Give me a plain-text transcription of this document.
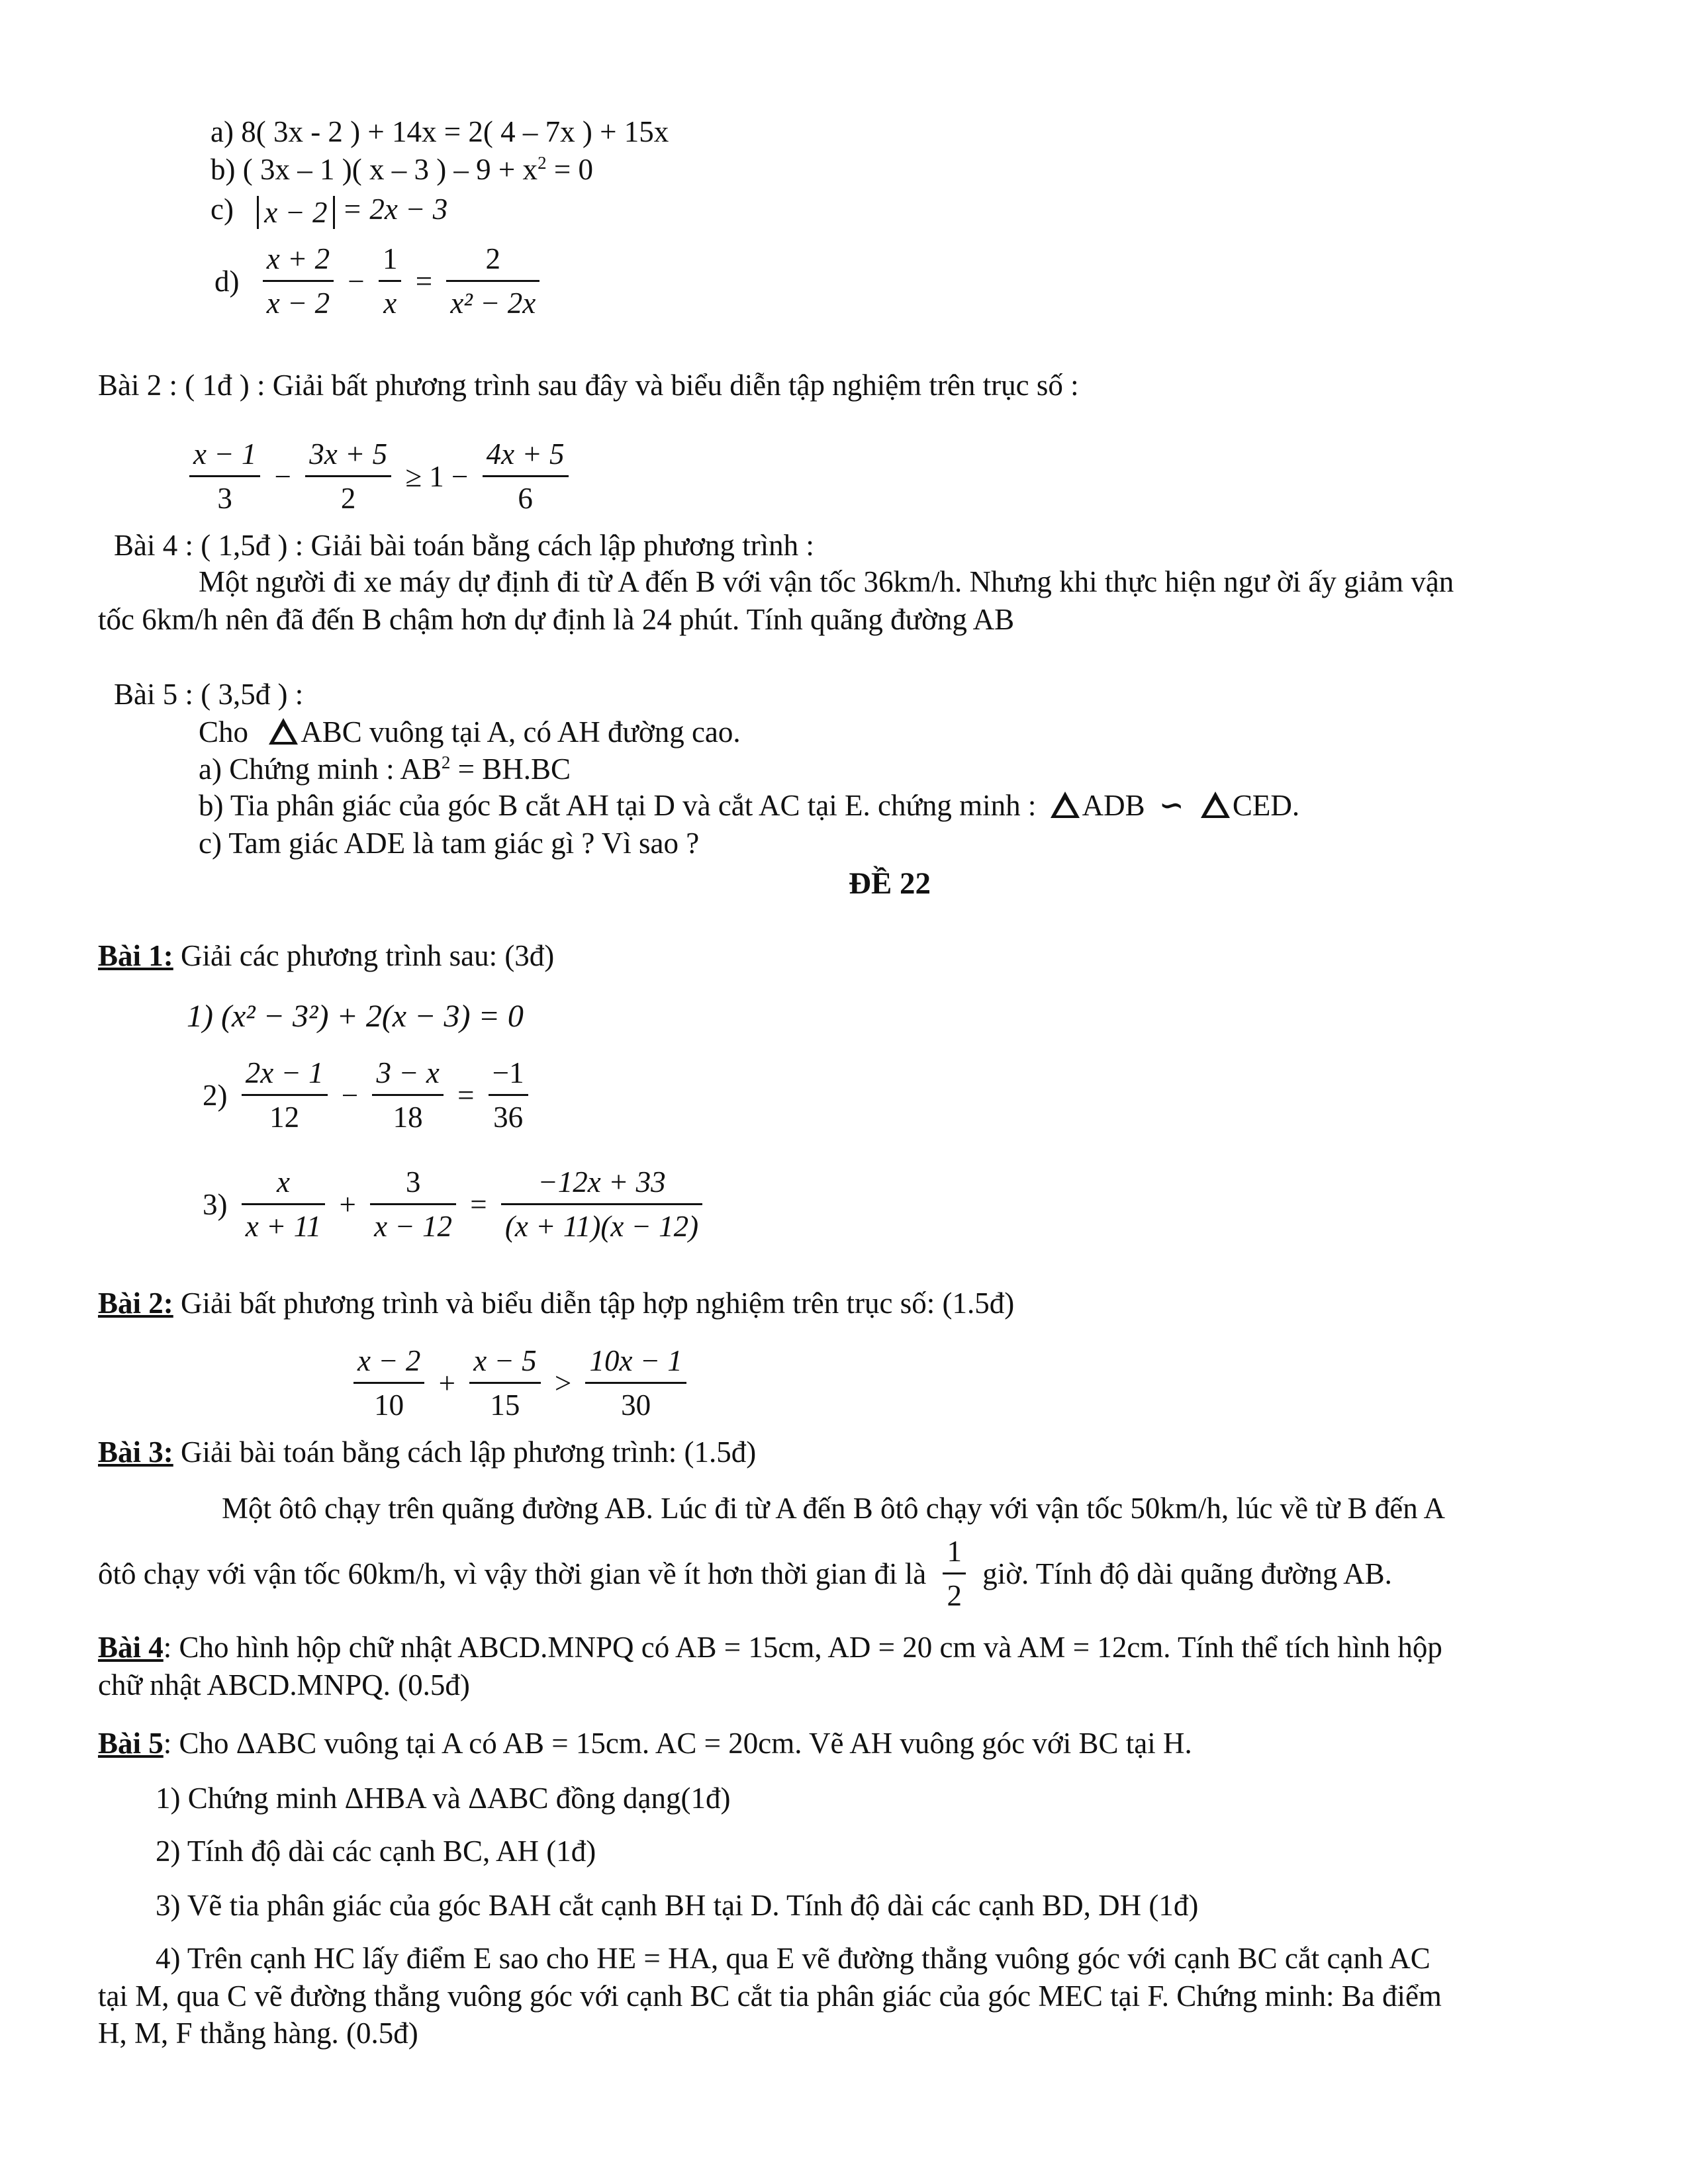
a) 8( 3x - 2 ) + 14x = 2( 4 – 7x ) + 15x
b) ( 3x – 1 )( x – 3 ) – $9 + x^2 = 0$
c) x − 2 = 2x − 3
$d) \frac{x + 2}{x - 2} - \frac{1}{x} = \frac{2}{\text{x² − 2x}}$
Bài 2 : ( 1đ ) : Giải bất phương trình sau đây và biểu diễn tập nghiệm trên trục số :
$\frac{x - 1}{3} - \frac{3x + 5}{2} \ge 1 - \frac{4x + 5}{6}$
Bài 4 : ( 1,5đ ) : Giải bài toán bằng cách lập phương trình :
Một người đi xe máy dự định đi từ A đến B với vận tốc 36km/h. Nhưng khi thực hiện ngư ời ấy giảm vận
tốc 6km/h nên đã đến B chậm hơn dự định là 24 phút. Tính quãng đường AB
Bài 5 : ( 3,5đ ) :
Cho ABC vuông tại A, có AH đường cao.
a) Chứng minh : $AB^2 = BH.BC$
b) Tia phân giác của góc B cắt AH tại D và cắt AC tại E. chứng minh : ADB ∽ CED.
c) Tam giác ADE là tam giác gì ? Vì sao ?
ĐỀ 22
Bài 1: Giải các phương trình sau: (3đ)
1) (x² − 3²) + 2(x − 3) = 0
$2) \frac{2x - 1}{12} - \frac{3 - x}{18} = \frac{-1}{36}$
$3) \frac{x}{x + 11} + \frac{3}{x - 12} = \frac{-12x + 33}{(x + 11)(x - 12)}$
Bài 2: Giải bất phương trình và biểu diễn tập hợp nghiệm trên trục số: (1.5đ)
$\frac{x - 2}{10} + \frac{x - 5}{15} > \frac{10x - 1}{30}$
Bài 3: Giải bài toán bằng cách lập phương trình: (1.5đ)
Một ôtô chạy trên quãng đường AB. Lúc đi từ A đến B ôtô chạy với vận tốc 50km/h, lúc về từ B đến A
ôtô chạy với vận tốc 60km/h, vì vậy thời gian về ít hơn thời gian đi là $\frac{1}{2}$ giờ. Tính độ dài quãng đường AB.
Bài 4: Cho hình hộp chữ nhật ABCD.MNPQ có AB = 15cm, AD = 20 cm và AM = 12cm. Tính thể tích hình hộp
chữ nhật ABCD.MNPQ. (0.5đ)
Bài 5: Cho ΔABC vuông tại A có AB = 15cm. AC = 20cm. Vẽ AH vuông góc với BC tại H.
1) Chứng minh ΔHBA và ΔABC đồng dạng(1đ)
2) Tính độ dài các cạnh BC, AH (1đ)
3) Vẽ tia phân giác của góc BAH cắt cạnh BH tại D. Tính độ dài các cạnh BD, DH (1đ)
4) Trên cạnh HC lấy điểm E sao cho HE = HA, qua E vẽ đường thẳng vuông góc với cạnh BC cắt cạnh AC
tại M, qua C vẽ đường thẳng vuông góc với cạnh BC cắt tia phân giác của góc MEC tại F. Chứng minh: Ba điểm
H, M, F thẳng hàng. (0.5đ)
